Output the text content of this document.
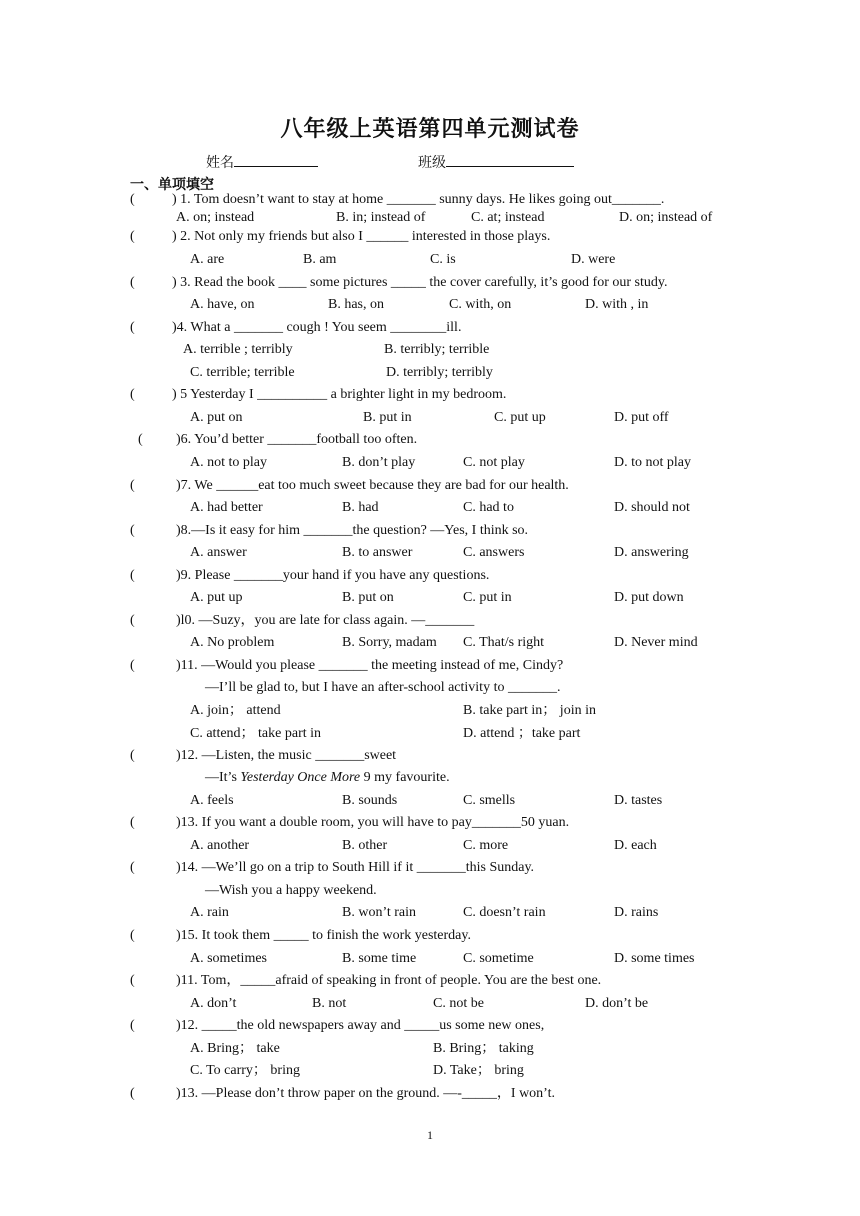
八年级上英语第四单元测试卷
姓名	班级
一、单项填空
(	) 1. Tom doesn’t want to stay at home _______ sunny days. He likes going out_______.
A. on; instead	B. in; instead of	C. at; instead	D. on; instead of
(	) 2. Not only my friends but also I ______ interested in those plays.
A. are	B. am	C. is	D. were
(	) 3. Read the book ____ some pictures _____ the cover carefully, it’s good for our study.
A. have, on	B. has, on	C. with, on	D. with , in
(	)4. What a _______ cough ! You seem ________ill.
A. terrible ; terribly	B. terribly; terrible
C. terrible; terrible	D. terribly; terribly
(	) 5 Yesterday I __________ a brighter light in my bedroom.
A. put on	B. put in	C. put up	D. put off
( )6. You’d better _______football too often.
A. not to play	B. don’t play	C. not play	D. to not play
(	)7. We ______eat too much sweet because they are bad for our health.
A. had better	B. had	C. had to	D. should not
(	)8.—Is it easy for him _______the question? —Yes, I think so.
A. answer	B. to answer	C. answers	D. answering
(	)9. Please _______your hand if you have any questions.
A. put up	B. put on	C. put in	D. put down
(	)l0. —Suzy，you are late for class again. —_______
A. No problem	B. Sorry, madam C. That/s right	D. Never mind
(	)11. —Would you please _______ the meeting instead of me, Cindy?
—I’ll be glad to, but I have an after-school activity to _______.
A. join； attend	B. take part in； join in
C. attend； take part in	D. attend ；take part
(	)12. —Listen, the music _______sweet
—It’s Yesterday Once More 9 my favourite.
A. feels	B. sounds	C. smells	D. tastes
(	)13. If you want a double room, you will have to pay_______50 yuan.
A. another	B. other	C. more	D. each
(	)14. —We’ll go on a trip to South Hill if it _______this Sunday.
—Wish you a happy weekend.
A. rain	B. won’t rain	C. doesn’t rain	D. rains
(	)15. It took them _____ to finish the work yesterday.
A. sometimes	B. some time	C. sometime	D. some times
(	)11. Tom，_____afraid of speaking in front of people. You are the best one.
A. don’t	B. not	C. not be	D. don’t be
(	)12. _____the old newspapers away and _____us some new ones,
A. Bring； take	B. Bring； taking
C. To carry； bring	D. Take； bring
(	)13. —Please don’t throw paper on the ground. —-_____，I won’t.
1
